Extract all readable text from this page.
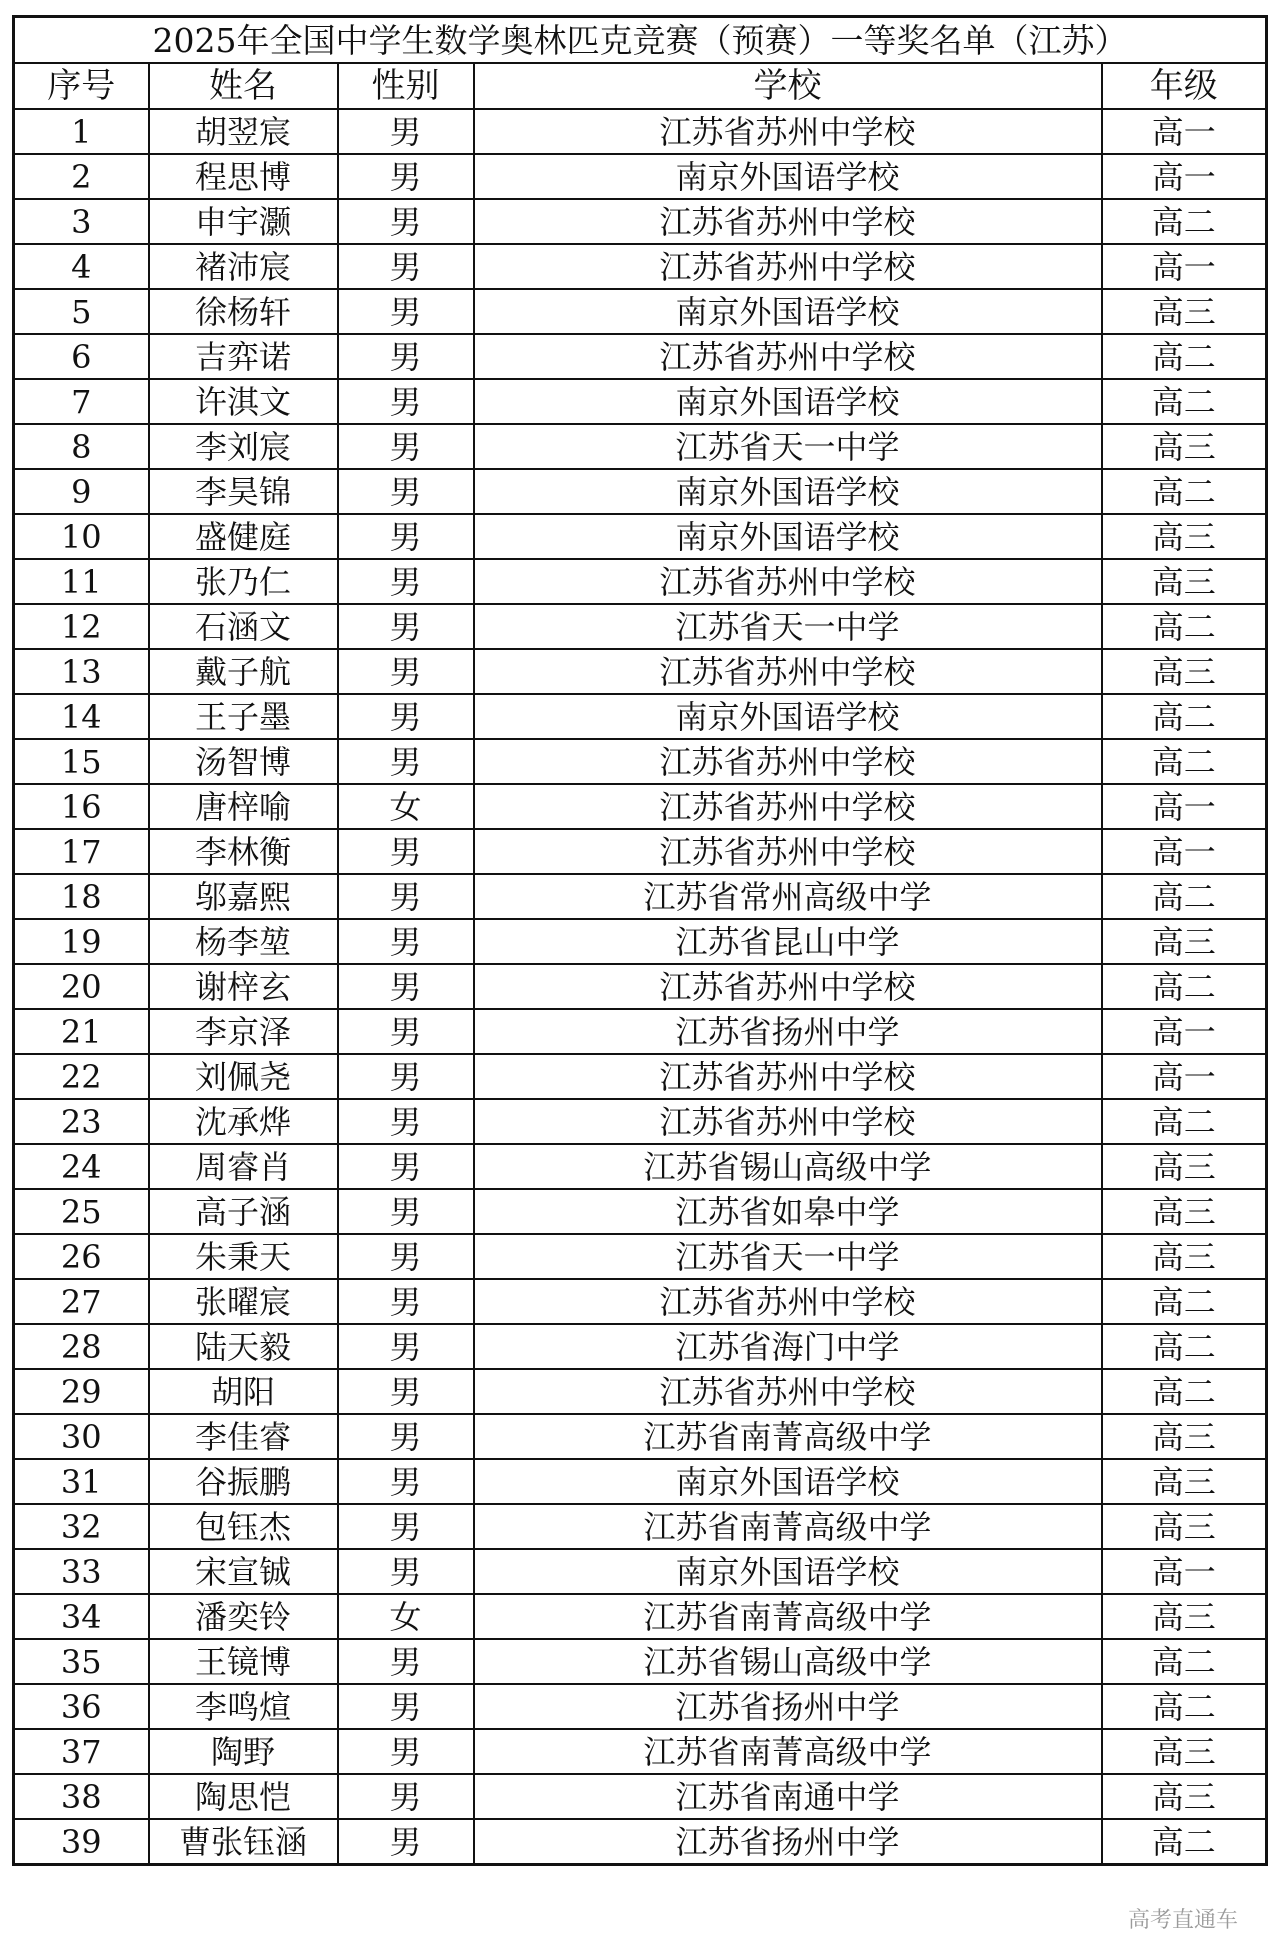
2025年全国中学生数学奥林匹克竞赛（预赛）一等奖名单（江苏）				
序号	姓名	性别	学校	年级
1	胡翌宸	男	江苏省苏州中学校	高一
2	程思博	男	南京外国语学校	高一
3	申宇灏	男	江苏省苏州中学校	高二
4	褚沛宸	男	江苏省苏州中学校	高一
5	徐杨轩	男	南京外国语学校	高三
6	吉弈诺	男	江苏省苏州中学校	高二
7	许淇文	男	南京外国语学校	高二
8	李刘宸	男	江苏省天一中学	高三
9	李昊锦	男	南京外国语学校	高二
10	盛健庭	男	南京外国语学校	高三
11	张乃仁	男	江苏省苏州中学校	高三
12	石涵文	男	江苏省天一中学	高二
13	戴子航	男	江苏省苏州中学校	高三
14	王子墨	男	南京外国语学校	高二
15	汤智博	男	江苏省苏州中学校	高二
16	唐梓喻	女	江苏省苏州中学校	高一
17	李林衡	男	江苏省苏州中学校	高一
18	邬嘉熙	男	江苏省常州高级中学	高二
19	杨李堃	男	江苏省昆山中学	高三
20	谢梓玄	男	江苏省苏州中学校	高二
21	李京泽	男	江苏省扬州中学	高一
22	刘佩尧	男	江苏省苏州中学校	高一
23	沈承烨	男	江苏省苏州中学校	高二
24	周睿肖	男	江苏省锡山高级中学	高三
25	高子涵	男	江苏省如皋中学	高三
26	朱秉天	男	江苏省天一中学	高三
27	张曜宸	男	江苏省苏州中学校	高二
28	陆天毅	男	江苏省海门中学	高二
29	胡阳	男	江苏省苏州中学校	高二
30	李佳睿	男	江苏省南菁高级中学	高三
31	谷振鹏	男	南京外国语学校	高三
32	包钰杰	男	江苏省南菁高级中学	高三
33	宋宣铖	男	南京外国语学校	高一
34	潘奕铃	女	江苏省南菁高级中学	高三
35	王镜博	男	江苏省锡山高级中学	高二
36	李鸣煊	男	江苏省扬州中学	高二
37	陶野	男	江苏省南菁高级中学	高三
38	陶思恺	男	江苏省南通中学	高三
39	曹张钰涵	男	江苏省扬州中学	高二
高考直通车
